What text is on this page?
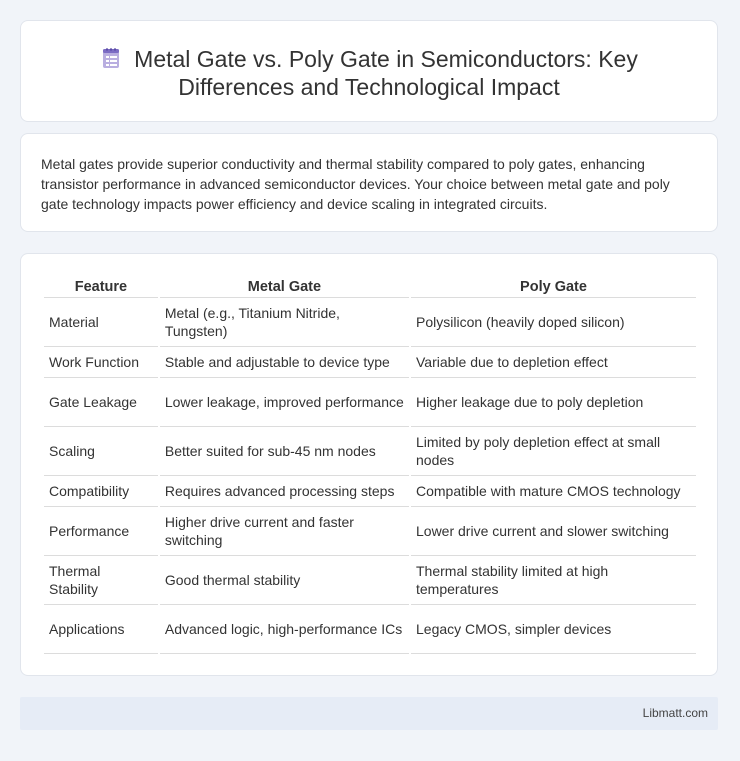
Metal Gate vs. Poly Gate in Semiconductors: Key
Differences and Technological Impact
Metal gates provide superior conductivity and thermal stability compared to poly gates, enhancing transistor performance in advanced semiconductor devices. Your choice between metal gate and poly gate technology impacts power efficiency and device scaling in integrated circuits.
Feature	Metal Gate	Poly Gate
Material	Metal (e.g., Titanium Nitride, Tungsten)	Polysilicon (heavily doped silicon)
Work Function	Stable and adjustable to device type	Variable due to depletion effect
Gate Leakage	Lower leakage, improved performance	Higher leakage due to poly depletion
Scaling	Better suited for sub-45 nm nodes	Limited by poly depletion effect at small nodes
Compatibility	Requires advanced processing steps	Compatible with mature CMOS technology
Performance	Higher drive current and faster switching	Lower drive current and slower switching
Thermal Stability	Good thermal stability	Thermal stability limited at high temperatures
Applications	Advanced logic, high-performance ICs	Legacy CMOS, simpler devices
Libmatt.com
